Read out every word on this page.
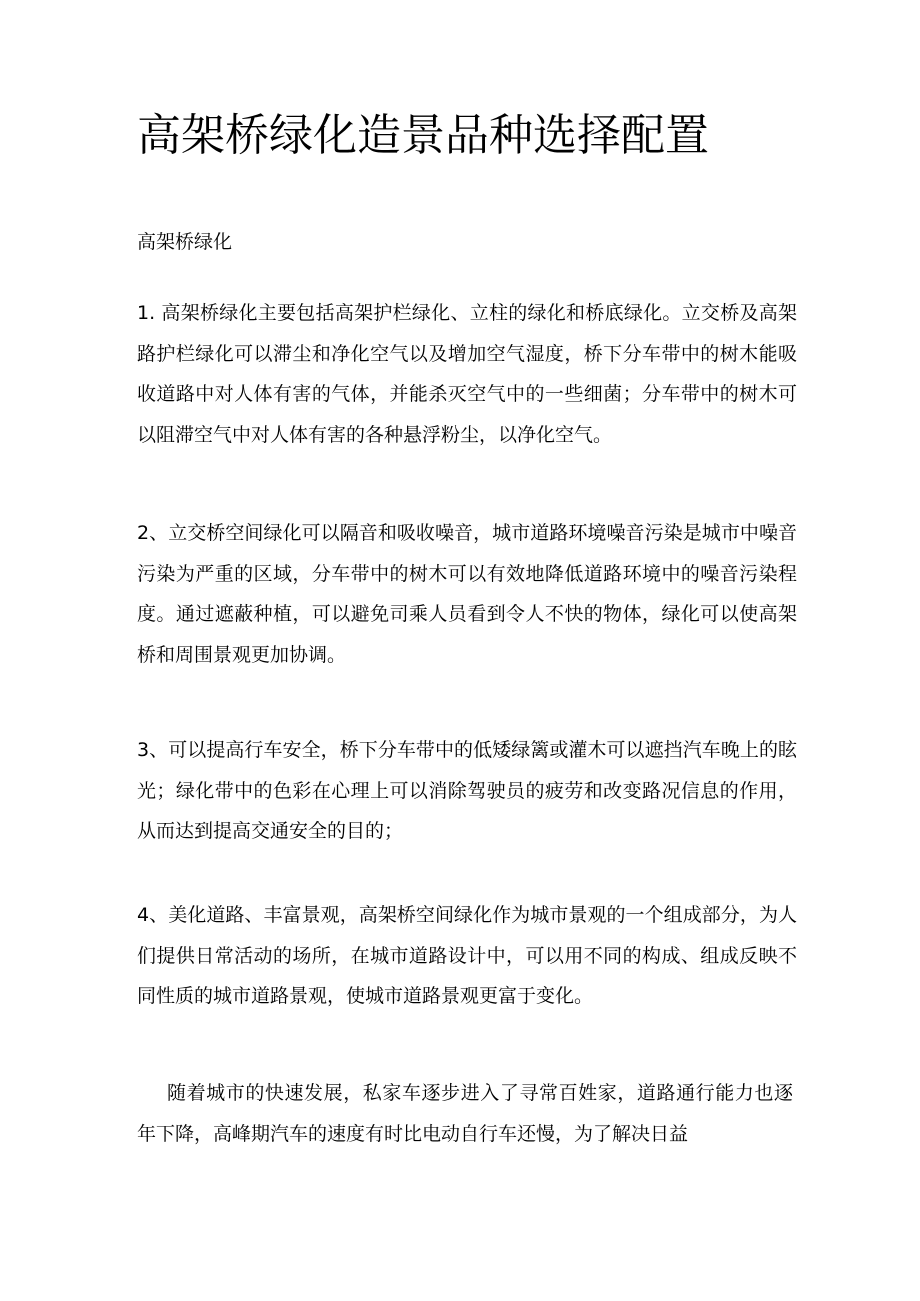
高架桥绿化造景品种选择配置
高架桥绿化

1. 高架桥绿化主要包括高架护栏绿化、立柱的绿化和桥底绿化。立交桥及高架路护栏绿化可以滞尘和净化空气以及增加空气湿度，桥下分车带中的树木能吸收道路中对人体有害的气体，并能杀灭空气中的一些细菌；分车带中的树木可以阻滞空气中对人体有害的各种悬浮粉尘，以净化空气。

2、立交桥空间绿化可以隔音和吸收噪音，城市道路环境噪音污染是城市中噪音污染为严重的区域，分车带中的树木可以有效地降低道路环境中的噪音污染程度。通过遮蔽种植，可以避免司乘人员看到令人不快的物体，绿化可以使高架桥和周围景观更加协调。

3、可以提高行车安全，桥下分车带中的低矮绿篱或灌木可以遮挡汽车晚上的眩光；绿化带中的色彩在心理上可以消除驾驶员的疲劳和改变路况信息的作用，从而达到提高交通安全的目的；

4、美化道路、丰富景观，高架桥空间绿化作为城市景观的一个组成部分，为人们提供日常活动的场所，在城市道路设计中，可以用不同的构成、组成反映不同性质的城市道路景观，使城市道路景观更富于变化。

随着城市的快速发展，私家车逐步进入了寻常百姓家，道路通行能力也逐年下降，高峰期汽车的速度有时比电动自行车还慢，为了解决日益
